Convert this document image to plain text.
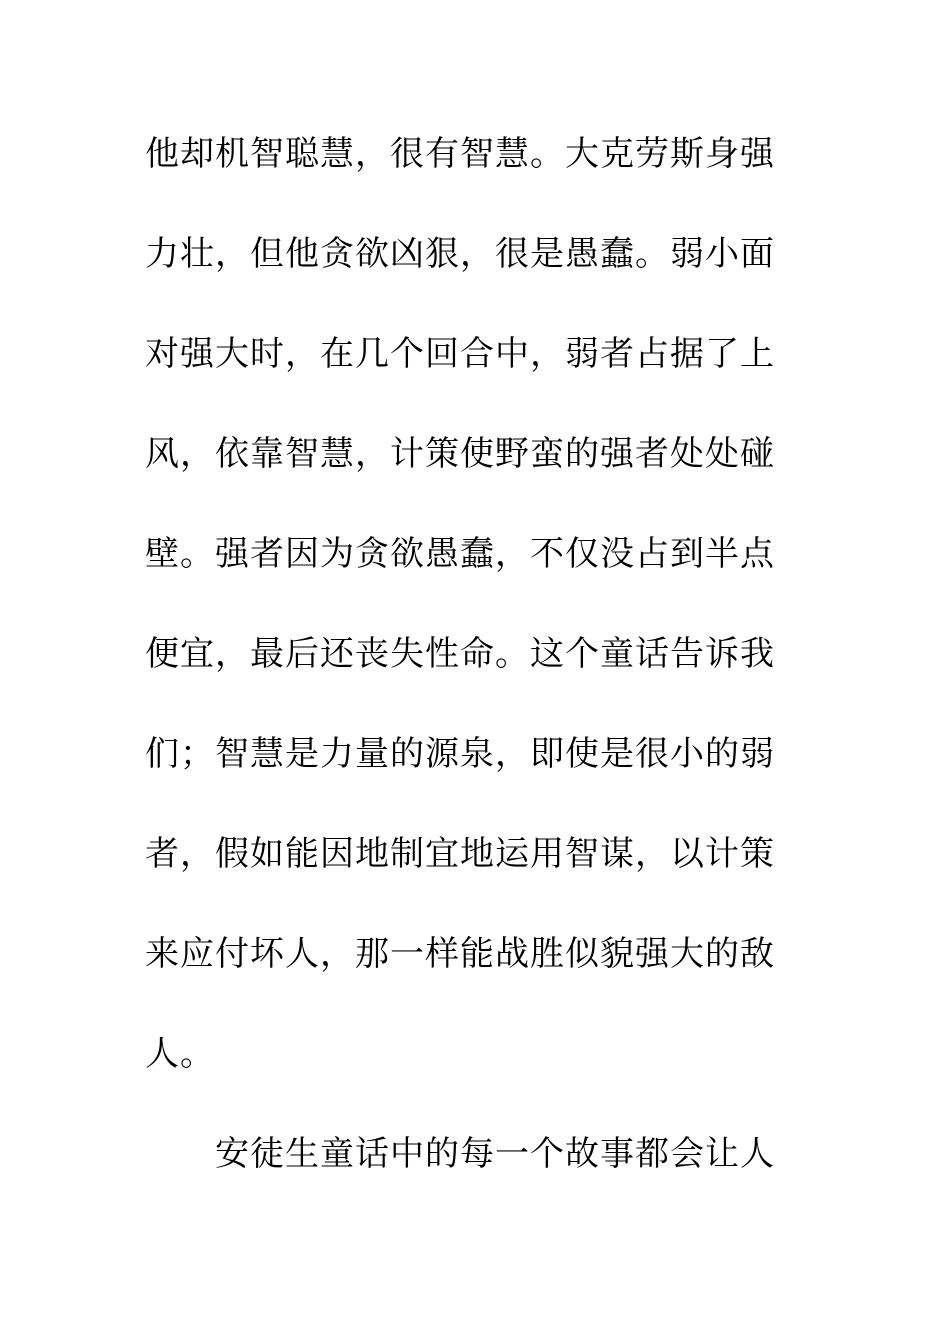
他却机智聪慧，很有智慧。大克劳斯身强
力壮，但他贪欲凶狠，很是愚蠢。弱小面
对强大时，在几个回合中，弱者占据了上
风，依靠智慧，计策使野蛮的强者处处碰
壁。强者因为贪欲愚蠢，不仅没占到半点
便宜，最后还丧失性命。这个童话告诉我
们；智慧是力量的源泉，即使是很小的弱
者，假如能因地制宜地运用智谋，以计策
来应付坏人，那一样能战胜似貌强大的敌
人。
安徒生童话中的每一个故事都会让人
